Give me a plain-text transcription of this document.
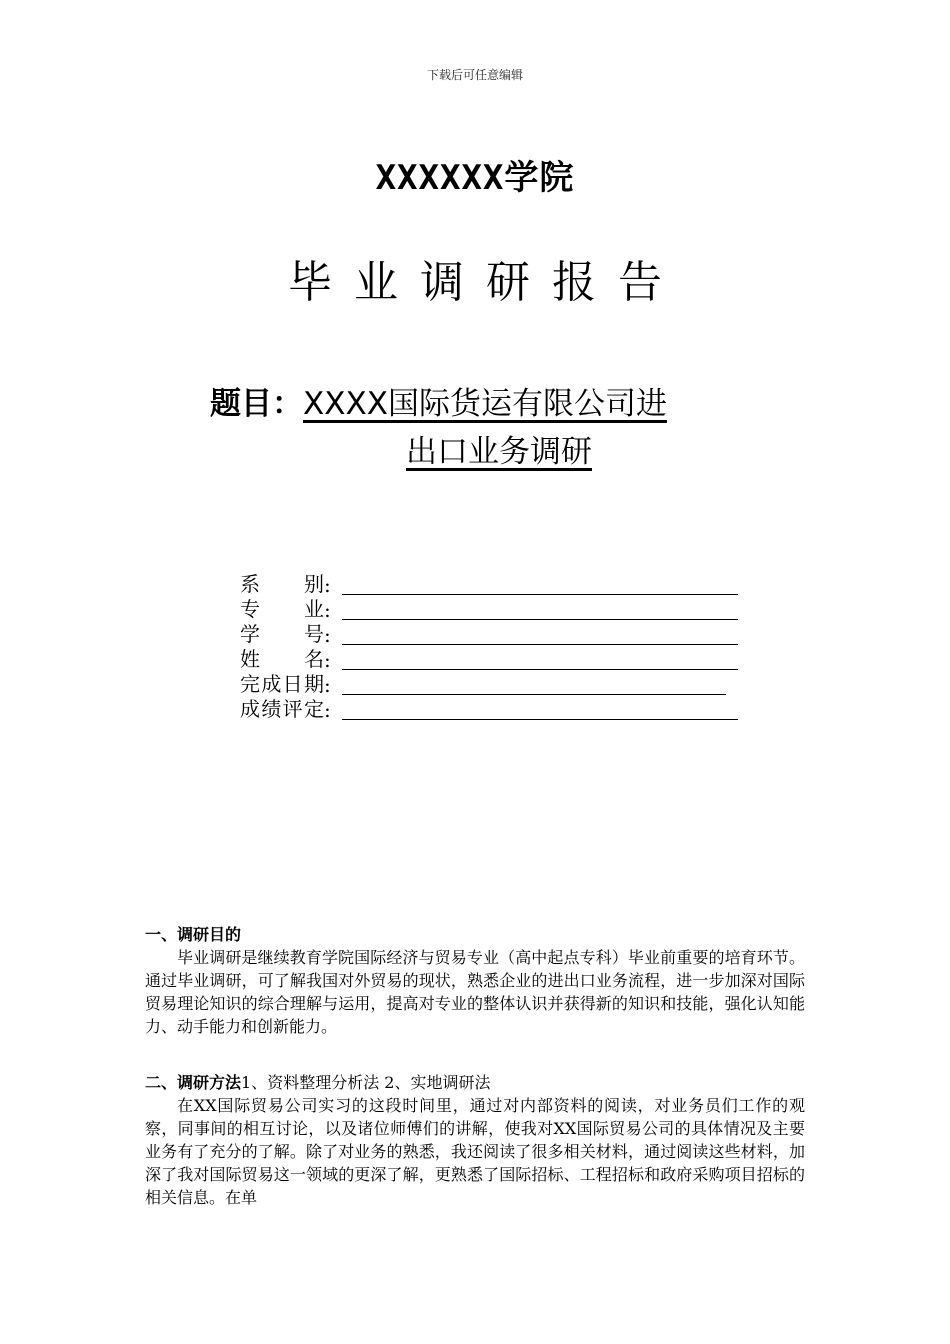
下载后可任意编辑
XXXXXX学院
毕业调研报告
题目：XXXX国际货运有限公司进
出口业务调研
系 别 :
专 业 :
学 号 :
姓 名 :
完 成 日 期 :
成 绩 评 定 :
一、调研目的

毕业调研是继续教育学院国际经济与贸易专业（高中起点专科）毕业前重要的培育环节。通过毕业调研，可了解我国对外贸易的现状，熟悉企业的进出口业务流程，进一步加深对国际贸易理论知识的综合理解与运用，提高对专业的整体认识并获得新的知识和技能，强化认知能力、动手能力和创新能力。

二、调研方法1、资料整理分析法 2、实地调研法

在XX国际贸易公司实习的这段时间里，通过对内部资料的阅读，对业务员们工作的观察，同事间的相互讨论，以及诸位师傅们的讲解，使我对XX国际贸易公司的具体情况及主要业务有了充分的了解。除了对业务的熟悉，我还阅读了很多相关材料，通过阅读这些材料，加深了我对国际贸易这一领域的更深了解，更熟悉了国际招标、工程招标和政府采购项目招标的相关信息。在单
